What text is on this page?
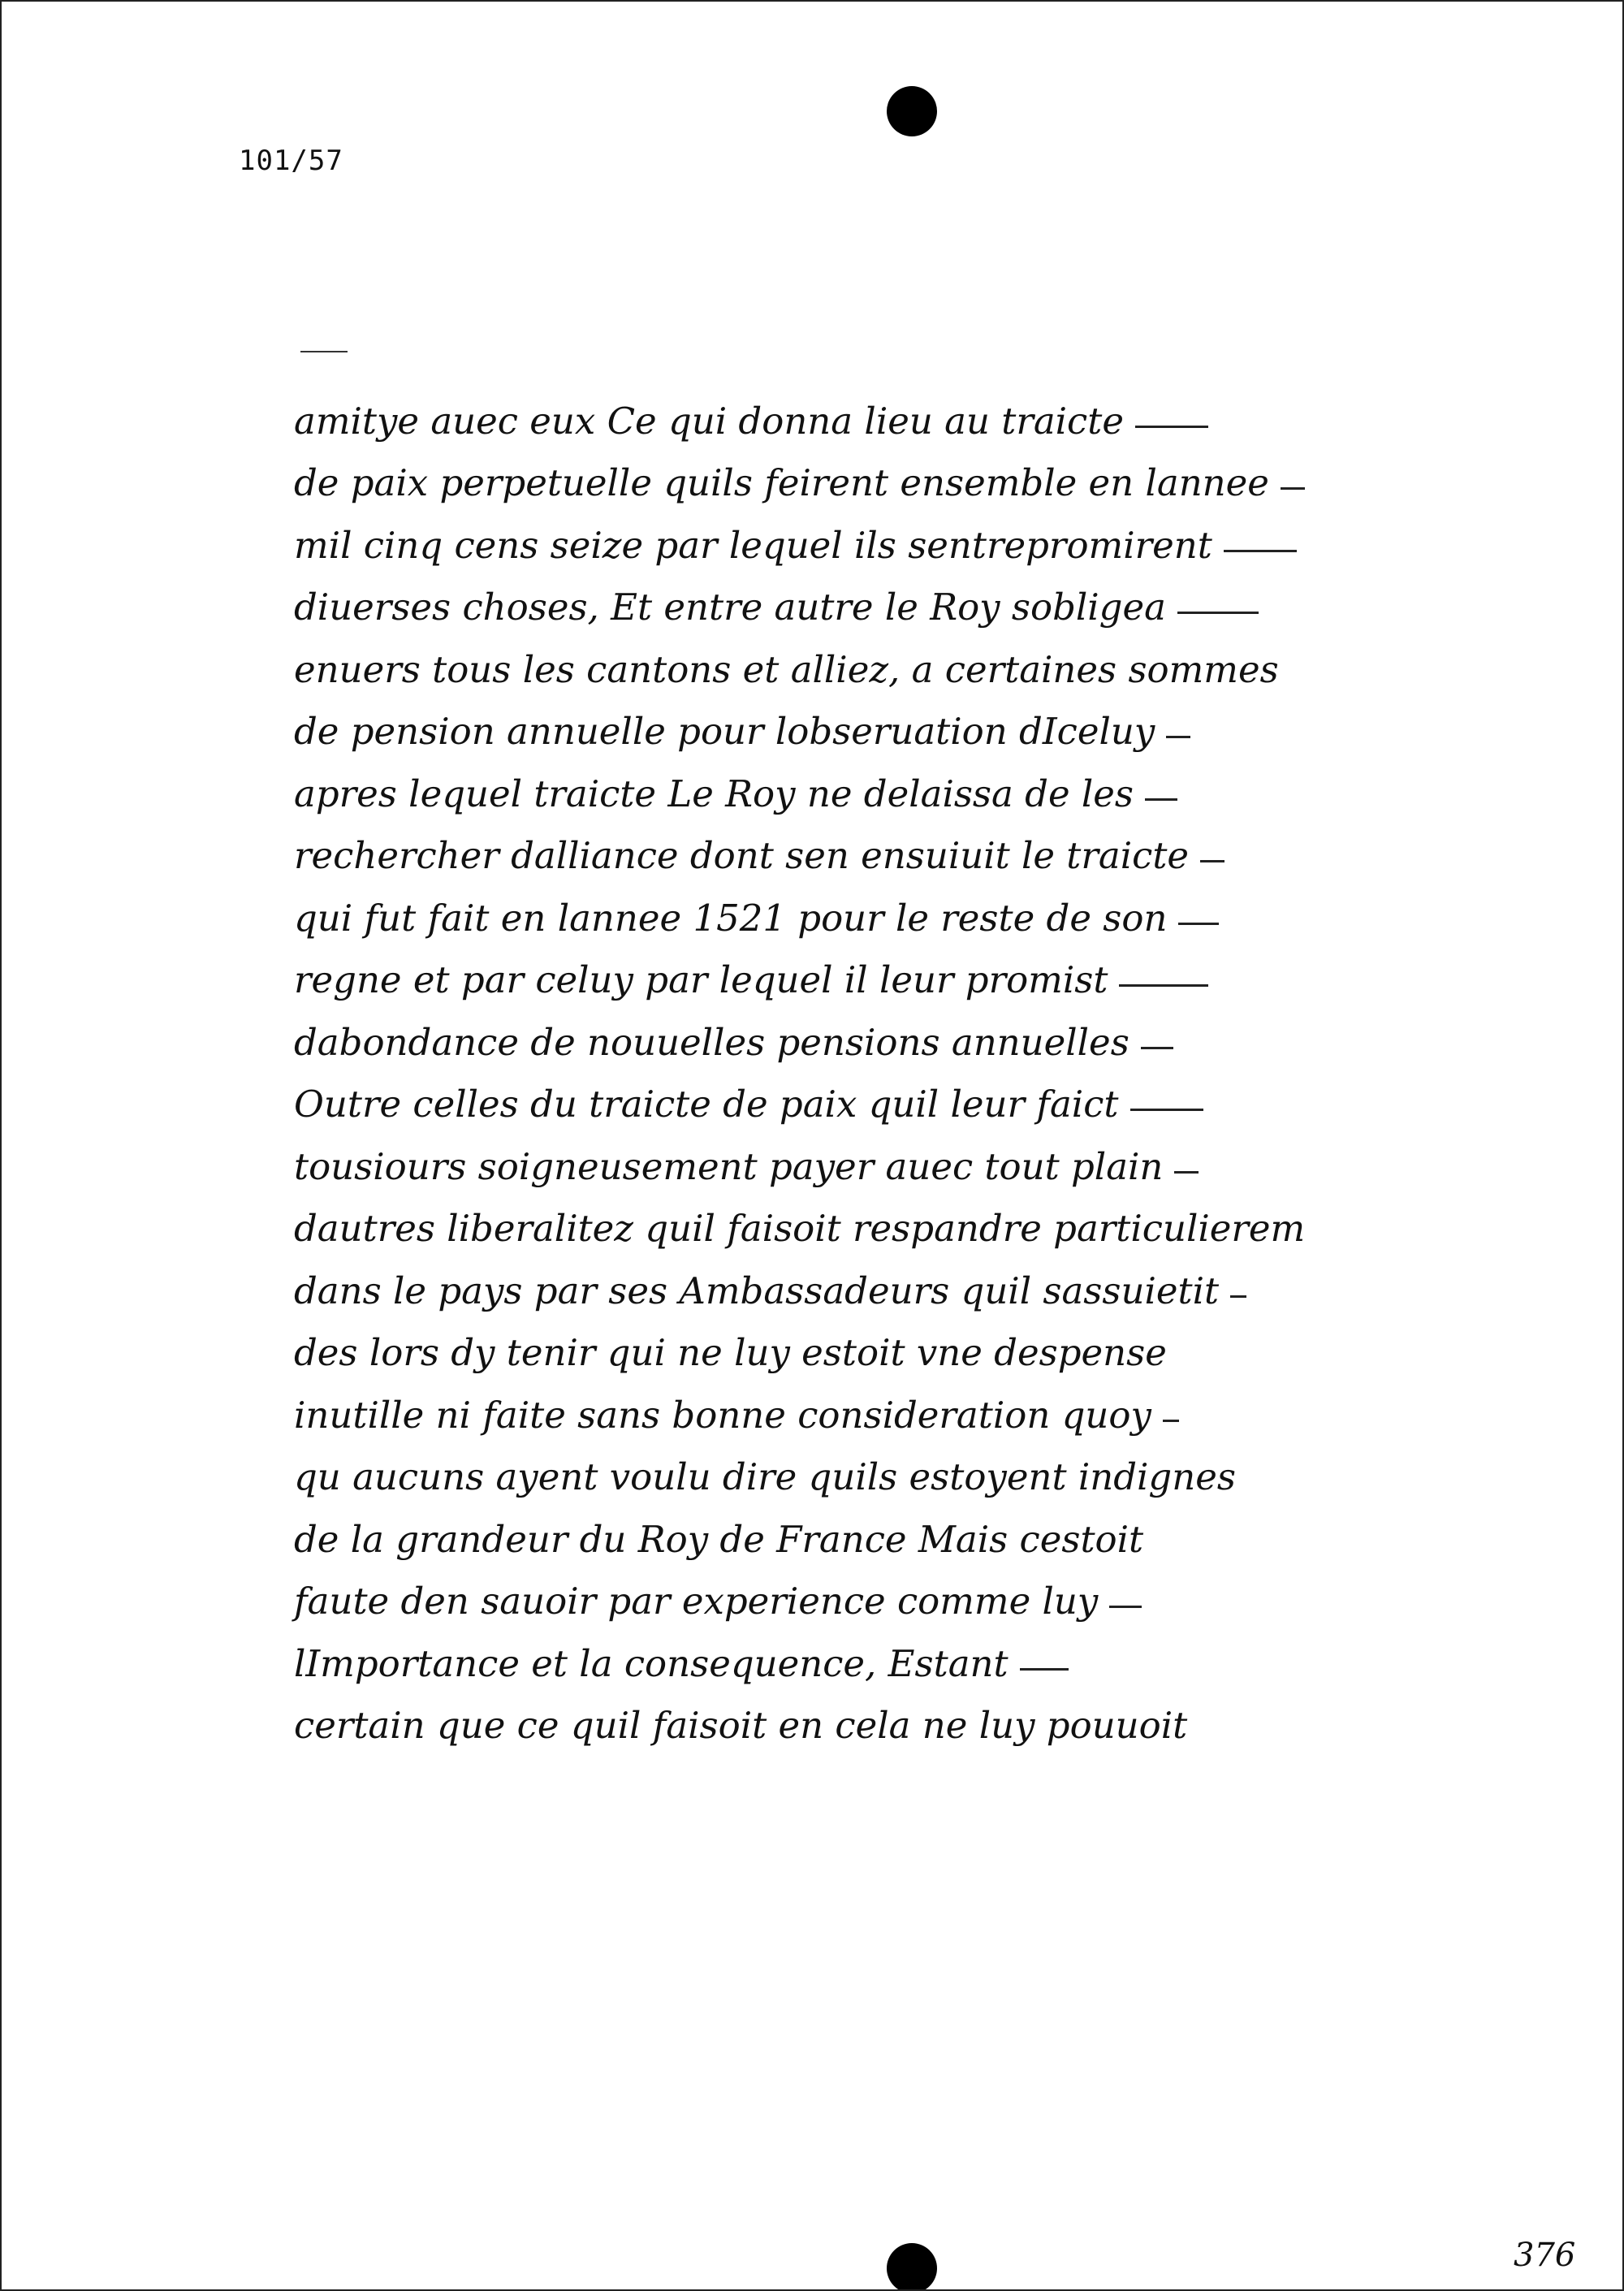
101/57
amitye auec eux Ce qui donna lieu au traicte
de paix perpetuelle quils feirent ensemble en lannee
mil cinq cens seize par lequel ils sentrepromirent
diuerses choses, Et entre autre le Roy sobligea
enuers tous les cantons et alliez, a certaines sommes
de pension annuelle pour lobseruation dIceluy
apres lequel traicte Le Roy ne delaissa de les
rechercher dalliance dont sen ensuiuit le traicte
qui fut fait en lannee 1521 pour le reste de son
regne et par celuy par lequel il leur promist
dabondance de nouuelles pensions annuelles
Outre celles du traicte de paix quil leur faict
tousiours soigneusement payer auec tout plain
dautres liberalitez quil faisoit respandre particulierem
dans le pays par ses Ambassadeurs quil sassuietit
des lors dy tenir qui ne luy estoit vne despense
inutille ni faite sans bonne consideration quoy
qu aucuns ayent voulu dire quils estoyent indignes
de la grandeur du Roy de France Mais cestoit
faute den sauoir par experience comme luy
lImportance et la consequence, Estant
certain que ce quil faisoit en cela ne luy pouuoit
376
